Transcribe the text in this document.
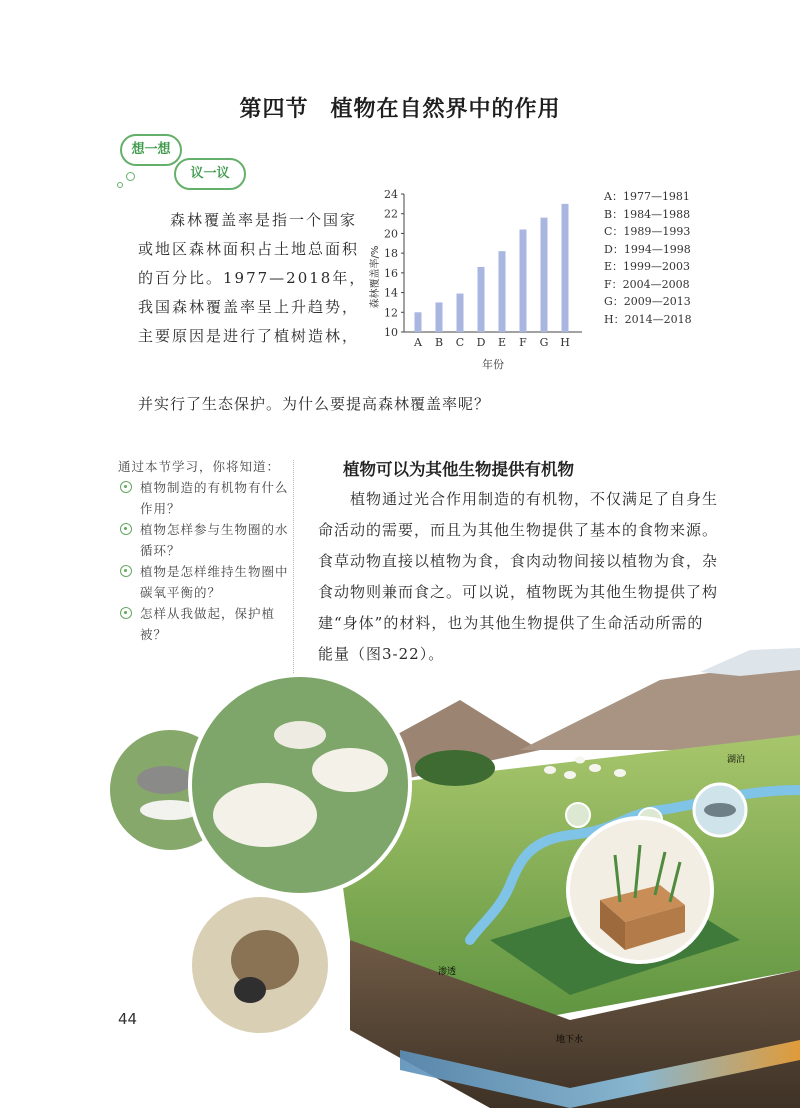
第四节 植物在自然界中的作用
想一想
议一议
森林覆盖率是指一个国家或地区森林面积占土地总面积的百分比。1977—2018年，我国森林覆盖率呈上升趋势，主要原因是进行了植树造林，
并实行了生态保护。为什么要提高森林覆盖率呢？
森林覆盖率/%
年份
10
12
14
16
18
20
22
24
A B C D E F G H
A：1977—1981
B：1984—1988
C：1989—1993
D：1994—1998
E：1999—2003
F：2004—2008
G：2009—2013
H：2014—2018
通过本节学习，你将知道：
植物制造的有机物有什么作用？
植物怎样参与生物圈的水循环？
植物是怎样维持生物圈中碳氧平衡的？
怎样从我做起，保护植被？
植物可以为其他生物提供有机物
植物通过光合作用制造的有机物，不仅满足了自身生命活动的需要，而且为其他生物提供了基本的食物来源。食草动物直接以植物为食，食肉动物间接以植物为食，杂食动物则兼而食之。可以说，植物既为其他生物提供了构建“身体”的材料，也为其他生物提供了生命活动所需的能量（图3-22）。
湖泊
渗透
地下水
44
